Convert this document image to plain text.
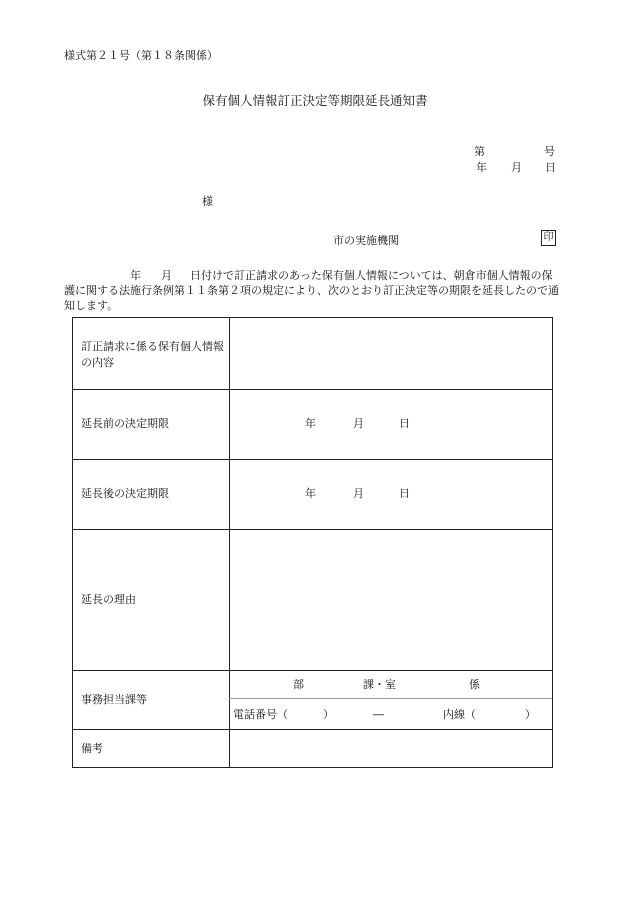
様式第２１号（第１８条関係）
保有個人情報訂正決定等期限延長通知書
第	号
年 月 日
様
市の実施機関	印
年 月 日付けで訂正請求のあった保有個人情報については、朝倉市個人情報の保護に関する法施行条例第１１条第２項の規定により、次のとおり訂正決定等の期限を延長したので通知します。
訂正請求に係る保有個人情報の内容
延長前の決定期限	年	月	日
延長後の決定期限	年	月	日
延長の理由
事務担当課等
部	課・室	係
電話番号（	）	―	内線（	）
備考
